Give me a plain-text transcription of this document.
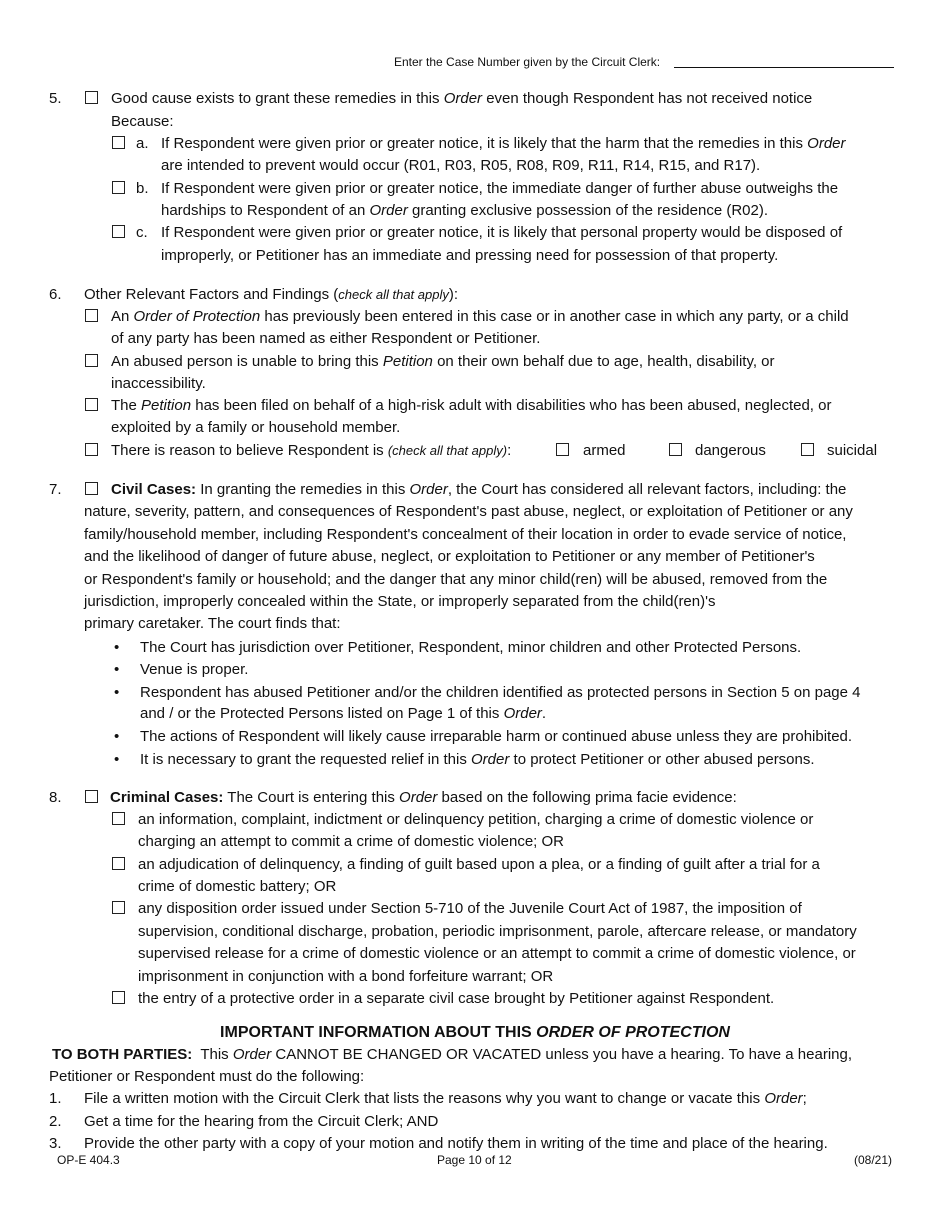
Enter the Case Number given by the Circuit Clerk:
5.	Good cause exists to grant these remedies in this Order even though Respondent has not received notice
Because:
a. If Respondent were given prior or greater notice, it is likely that the harm that the remedies in this Order
are intended to prevent would occur (R01, R03, R05, R08, R09, R11, R14, R15, and R17).
b. If Respondent were given prior or greater notice, the immediate danger of further abuse outweighs the
hardships to Respondent of an Order granting exclusive possession of the residence (R02).
c. If Respondent were given prior or greater notice, it is likely that personal property would be disposed of
improperly, or Petitioner has an immediate and pressing need for possession of that property.
6. Other Relevant Factors and Findings (check all that apply):
An Order of Protection has previously been entered in this case or in another case in which any party, or a child
of any party has been named as either Respondent or Petitioner.
An abused person is unable to bring this Petition on their own behalf due to age, health, disability, or
inaccessibility.
The Petition has been filed on behalf of a high-risk adult with disabilities who has been abused, neglected, or
exploited by a family or household member.
There is reason to believe Respondent is (check all that apply):	armed	dangerous	suicidal
7.	Civil Cases: In granting the remedies in this Order, the Court has considered all relevant factors, including: the
nature, severity, pattern, and consequences of Respondent's past abuse, neglect, or exploitation of Petitioner or any
family/household member, including Respondent's concealment of their location in order to evade service of notice,
and the likelihood of danger of future abuse, neglect, or exploitation to Petitioner or any member of Petitioner's
or Respondent's family or household; and the danger that any minor child(ren) will be abused, removed from the
jurisdiction, improperly concealed within the State, or improperly separated from the child(ren)'s
primary caretaker. The court finds that:
• The Court has jurisdiction over Petitioner, Respondent, minor children and other Protected Persons.
• Venue is proper.
• Respondent has abused Petitioner and/or the children identified as protected persons in Section 5 on page 4
and / or the Protected Persons listed on Page 1 of this Order.
• The actions of Respondent will likely cause irreparable harm or continued abuse unless they are prohibited.
• It is necessary to grant the requested relief in this Order to protect Petitioner or other abused persons.
8.	Criminal Cases: The Court is entering this Order based on the following prima facie evidence:
an information, complaint, indictment or delinquency petition, charging a crime of domestic violence or
charging an attempt to commit a crime of domestic violence; OR
an adjudication of delinquency, a finding of guilt based upon a plea, or a finding of guilt after a trial for a
crime of domestic battery; OR
any disposition order issued under Section 5-710 of the Juvenile Court Act of 1987, the imposition of
supervision, conditional discharge, probation, periodic imprisonment, parole, aftercare release, or mandatory
supervised release for a crime of domestic violence or an attempt to commit a crime of domestic violence, or
imprisonment in conjunction with a bond forfeiture warrant; OR
the entry of a protective order in a separate civil case brought by Petitioner against Respondent.
IMPORTANT INFORMATION ABOUT THIS ORDER OF PROTECTION
TO BOTH PARTIES:  This Order CANNOT BE CHANGED OR VACATED unless you have a hearing. To have a hearing,
Petitioner or Respondent must do the following:
1. File a written motion with the Circuit Clerk that lists the reasons why you want to change or vacate this Order;
2. Get a time for the hearing from the Circuit Clerk; AND
3. Provide the other party with a copy of your motion and notify them in writing of the time and place of the hearing.
OP-E 404.3	Page 10 of 12	(08/21)
